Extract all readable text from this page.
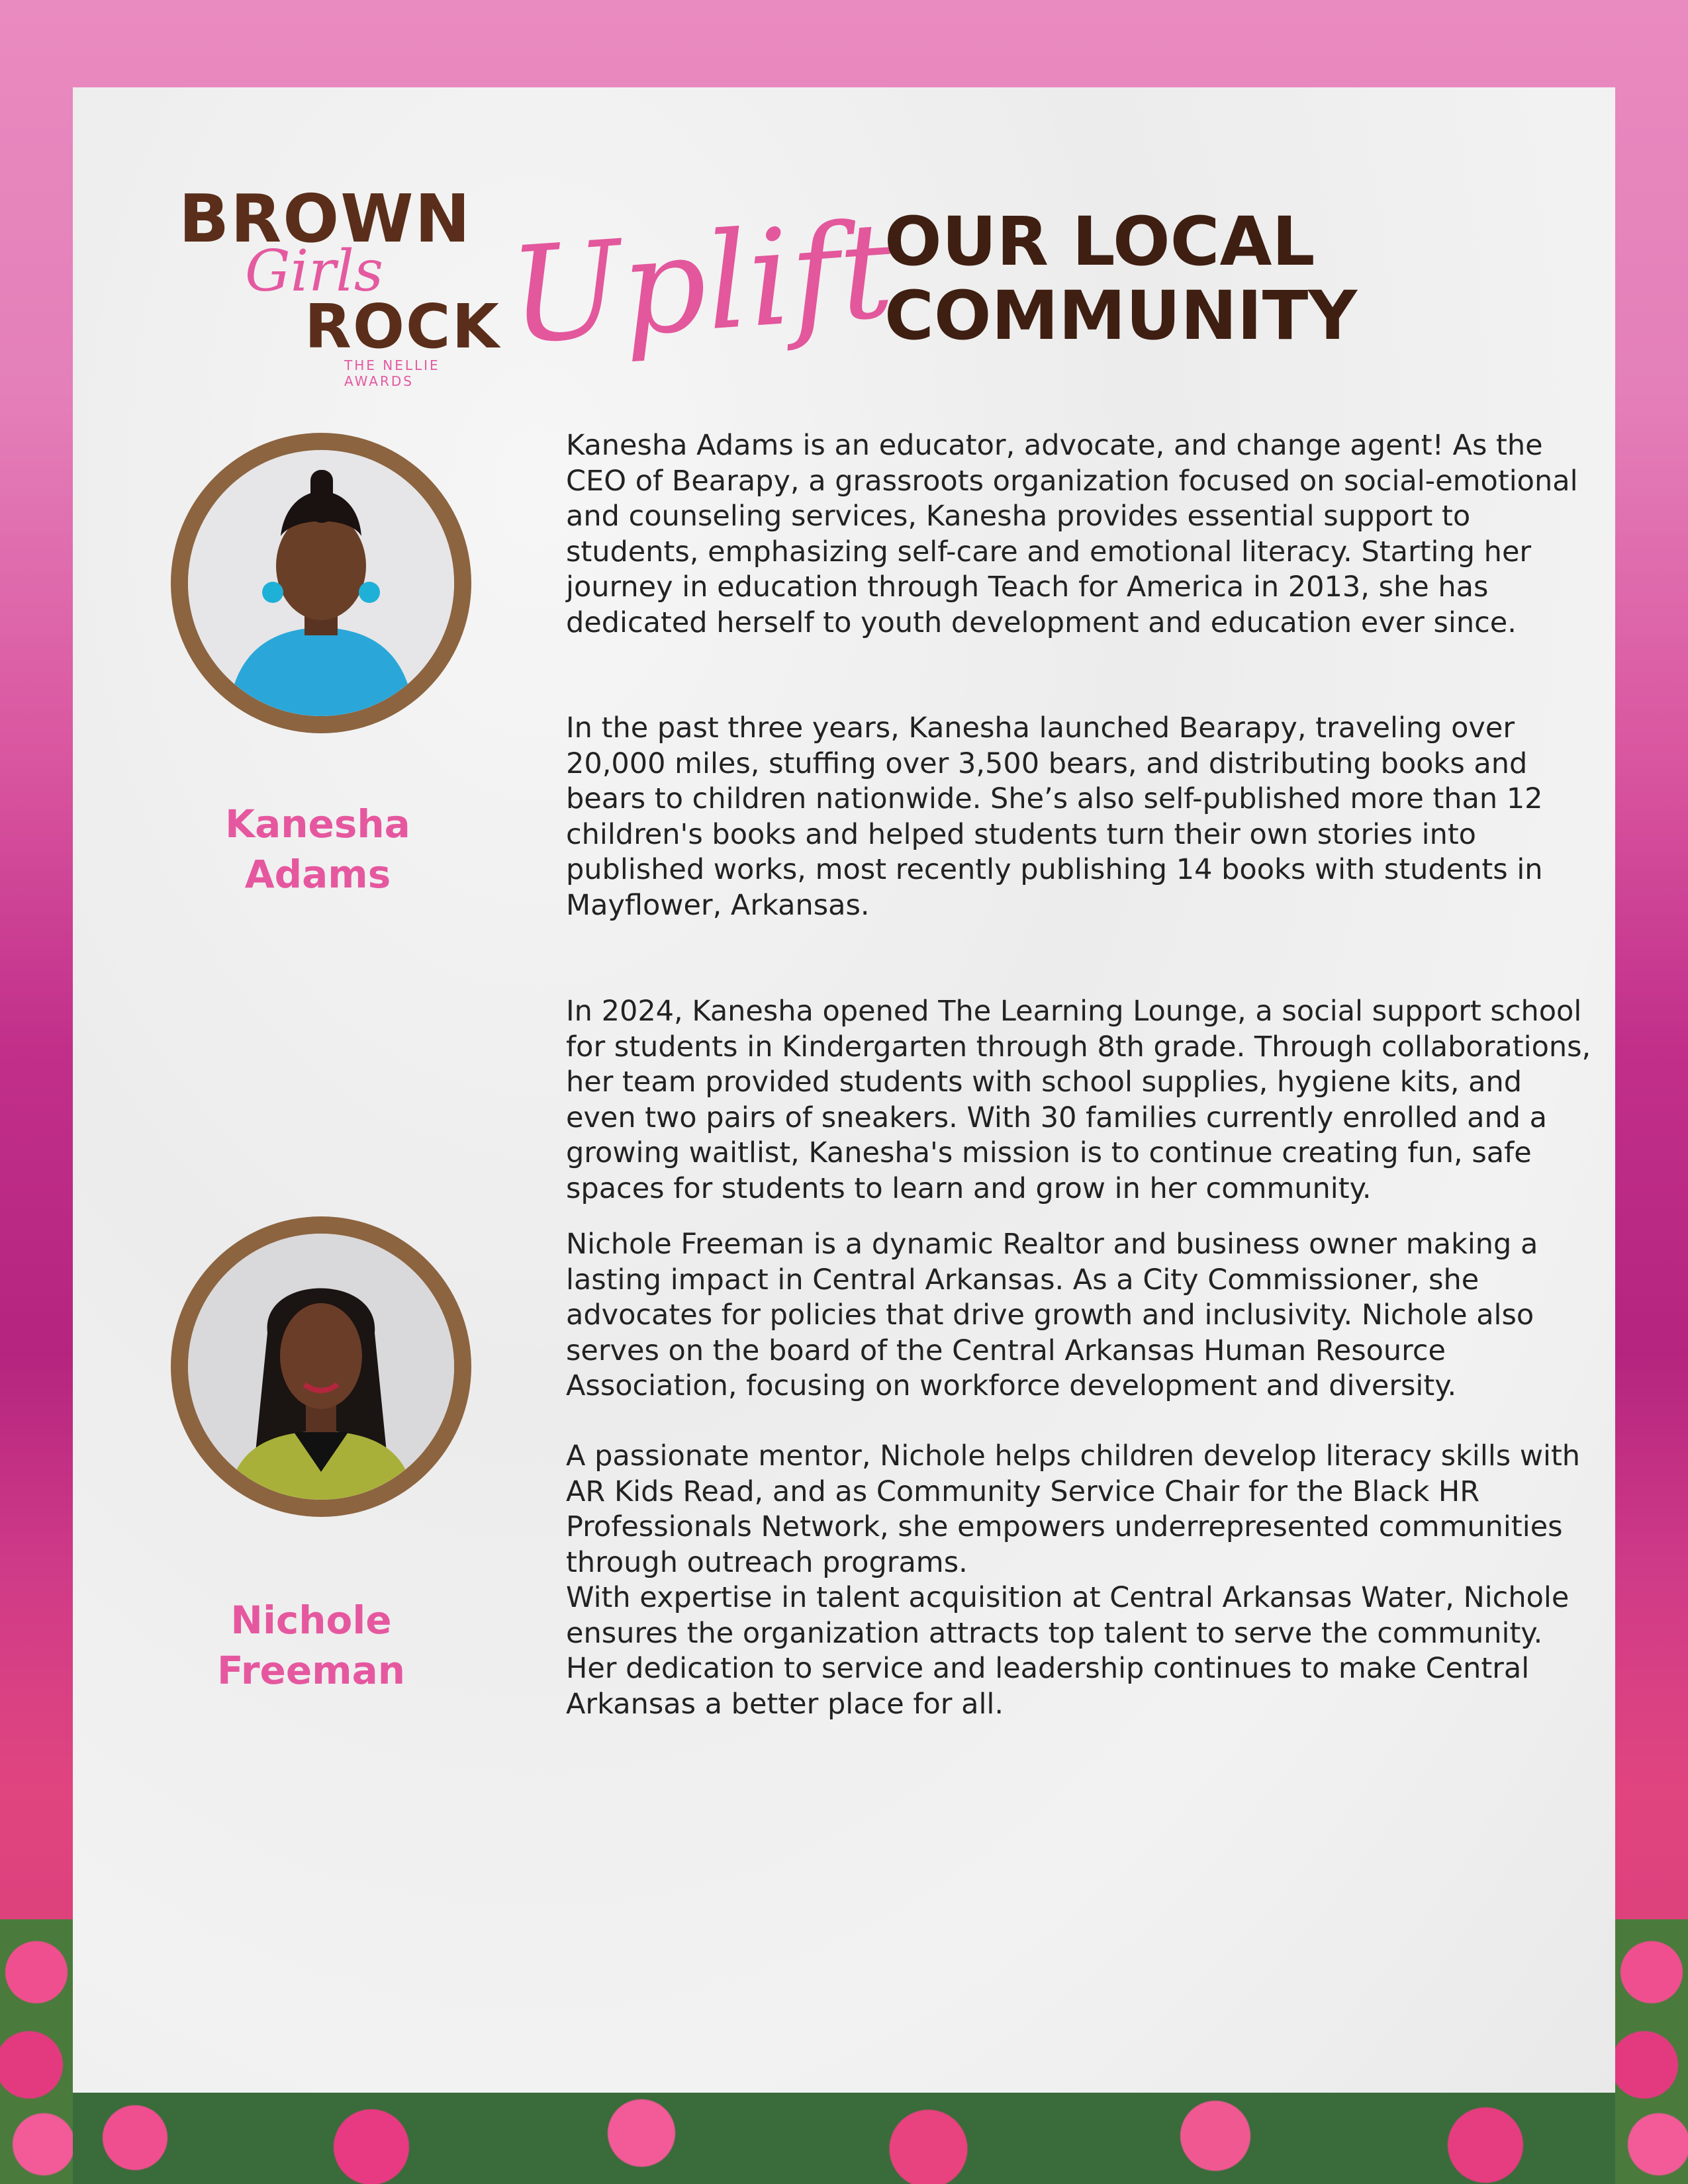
BROWN
Girls
ROCK
THE NELLIE AWARDS
Uplift
OUR LOCAL
COMMUNITY
Kanesha
Adams

Kanesha Adams is an educator, advocate, and change agent! As the CEO of Bearapy, a grassroots organization focused on social-emotional and counseling services, Kanesha provides essential support to students, emphasizing self-care and emotional literacy. Starting her journey in education through Teach for America in 2013, she has dedicated herself to youth development and education ever since.

In the past three years, Kanesha launched Bearapy, traveling over 20,000 miles, stuffing over 3,500 bears, and distributing books and bears to children nationwide. She’s also self-published more than 12 children's books and helped students turn their own stories into published works, most recently publishing 14 books with students in Mayflower, Arkansas.

In 2024, Kanesha opened The Learning Lounge, a social support school for students in Kindergarten through 8th grade. Through collaborations, her team provided students with school supplies, hygiene kits, and even two pairs of sneakers. With 30 families currently enrolled and a growing waitlist, Kanesha's mission is to continue creating fun, safe spaces for students to learn and grow in her community.

Nichole
Freeman

Nichole Freeman is a dynamic Realtor and business owner making a lasting impact in Central Arkansas. As a City Commissioner, she advocates for policies that drive growth and inclusivity. Nichole also serves on the board of the Central Arkansas Human Resource Association, focusing on workforce development and diversity.

A passionate mentor, Nichole helps children develop literacy skills with AR Kids Read, and as Community Service Chair for the Black HR Professionals Network, she empowers underrepresented communities through outreach programs.

With expertise in talent acquisition at Central Arkansas Water, Nichole ensures the organization attracts top talent to serve the community. Her dedication to service and leadership continues to make Central Arkansas a better place for all.
